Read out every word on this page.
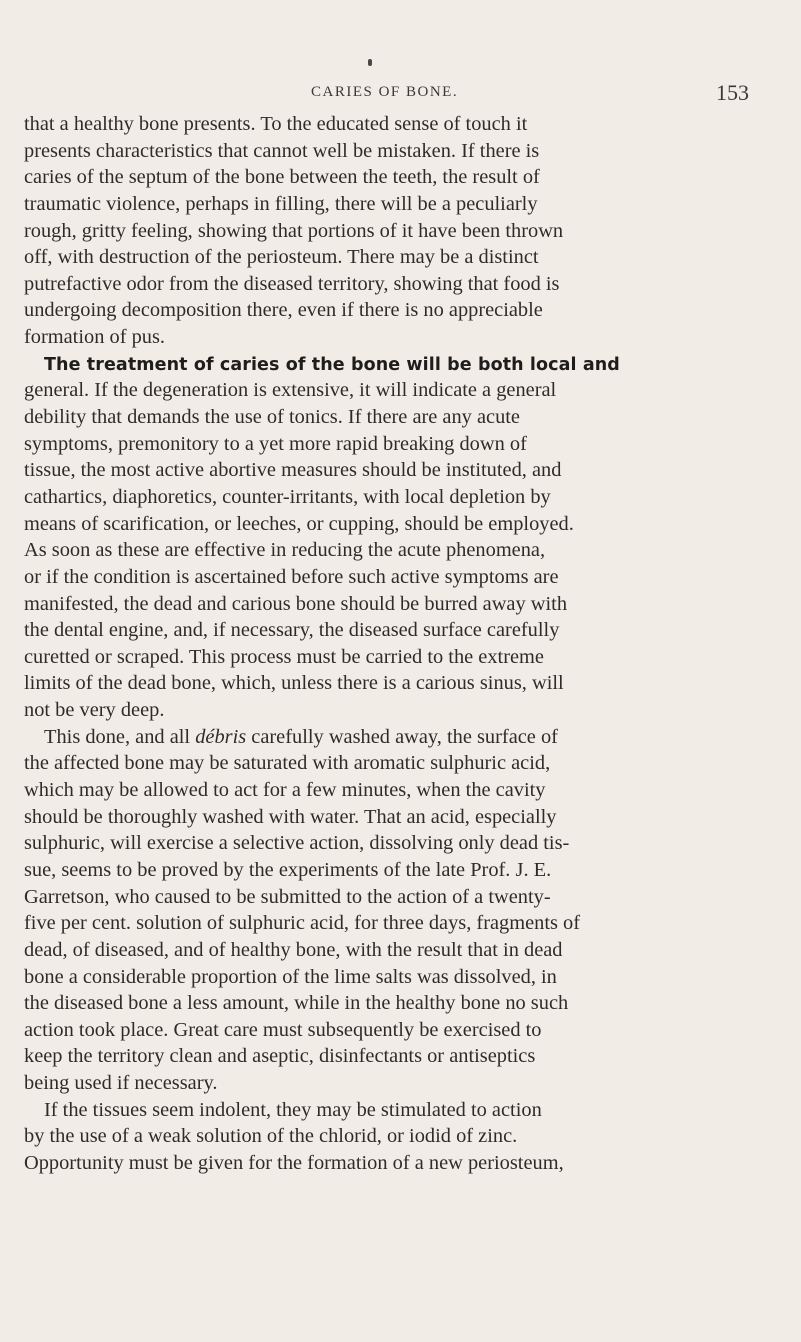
CARIES OF BONE.	153
that a healthy bone presents. To the educated sense of touch it
presents characteristics that cannot well be mistaken. If there is
caries of the septum of the bone between the teeth, the result of
traumatic violence, perhaps in filling, there will be a peculiarly
rough, gritty feeling, showing that portions of it have been thrown
off, with destruction of the periosteum. There may be a distinct
putrefactive odor from the diseased territory, showing that food is
undergoing decomposition there, even if there is no appreciable
formation of pus.
The treatment of caries of the bone will be both local and
general. If the degeneration is extensive, it will indicate a general
debility that demands the use of tonics. If there are any acute
symptoms, premonitory to a yet more rapid breaking down of
tissue, the most active abortive measures should be instituted, and
cathartics, diaphoretics, counter-irritants, with local depletion by
means of scarification, or leeches, or cupping, should be employed.
As soon as these are effective in reducing the acute phenomena,
or if the condition is ascertained before such active symptoms are
manifested, the dead and carious bone should be burred away with
the dental engine, and, if necessary, the diseased surface carefully
curetted or scraped. This process must be carried to the extreme
limits of the dead bone, which, unless there is a carious sinus, will
not be very deep.
This done, and all débris carefully washed away, the surface of
the affected bone may be saturated with aromatic sulphuric acid,
which may be allowed to act for a few minutes, when the cavity
should be thoroughly washed with water. That an acid, especially
sulphuric, will exercise a selective action, dissolving only dead tis-
sue, seems to be proved by the experiments of the late Prof. J. E.
Garretson, who caused to be submitted to the action of a twenty-
five per cent. solution of sulphuric acid, for three days, fragments of
dead, of diseased, and of healthy bone, with the result that in dead
bone a considerable proportion of the lime salts was dissolved, in
the diseased bone a less amount, while in the healthy bone no such
action took place. Great care must subsequently be exercised to
keep the territory clean and aseptic, disinfectants or antiseptics
being used if necessary.
If the tissues seem indolent, they may be stimulated to action
by the use of a weak solution of the chlorid, or iodid of zinc.
Opportunity must be given for the formation of a new periosteum,
